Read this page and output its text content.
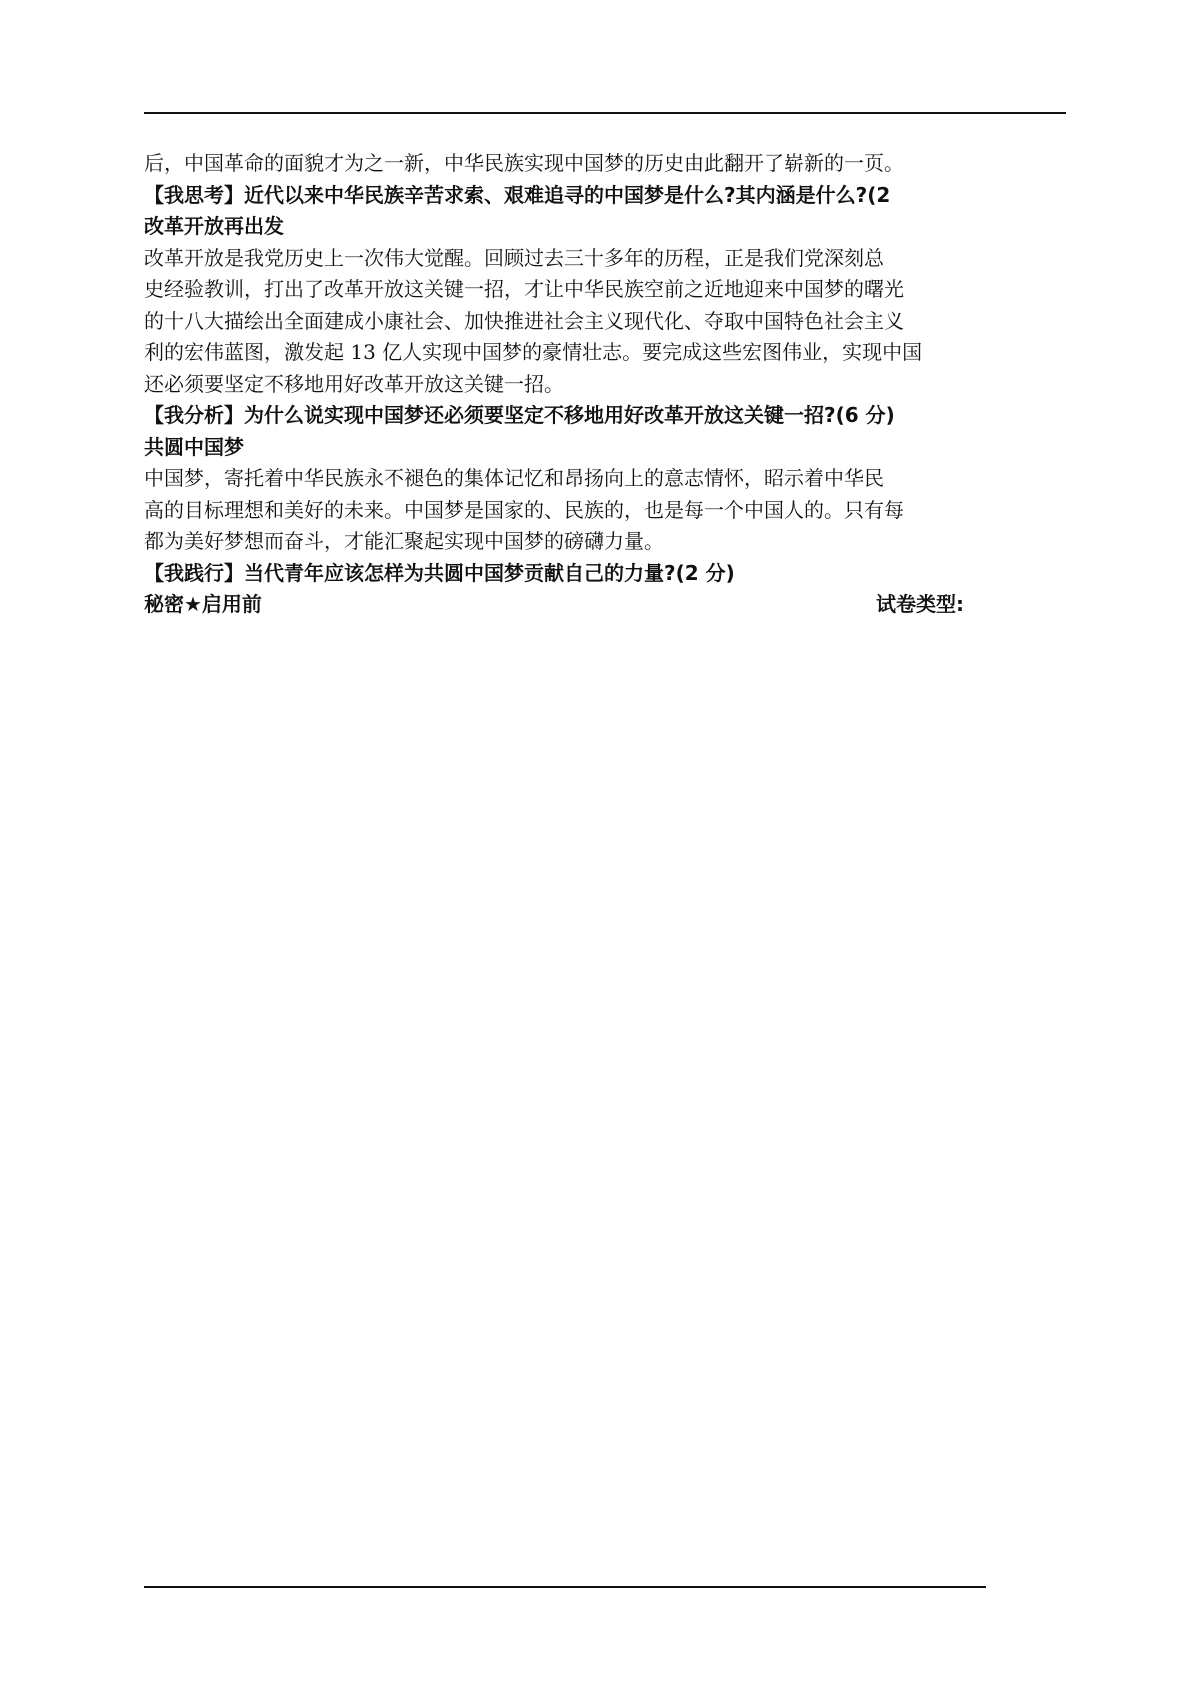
后，中国革命的面貌才为之一新，中华民族实现中国梦的历史由此翻开了崭新的一页。
【我思考】近代以来中华民族辛苦求索、艰难追寻的中国梦是什么?其内涵是什么?(2
改革开放再出发
改革开放是我党历史上一次伟大觉醒。回顾过去三十多年的历程，正是我们党深刻总
史经验教训，打出了改革开放这关键一招，才让中华民族空前之近地迎来中国梦的曙光
的十八大描绘出全面建成小康社会、加快推进社会主义现代化、夺取中国特色社会主义
利的宏伟蓝图，激发起 13 亿人实现中国梦的豪情壮志。要完成这些宏图伟业，实现中国
还必须要坚定不移地用好改革开放这关键一招。
【我分析】为什么说实现中国梦还必须要坚定不移地用好改革开放这关键一招?(6 分)
共圆中国梦
中国梦，寄托着中华民族永不褪色的集体记忆和昂扬向上的意志情怀，昭示着中华民
高的目标理想和美好的未来。中国梦是国家的、民族的，也是每一个中国人的。只有每
都为美好梦想而奋斗，才能汇聚起实现中国梦的磅礴力量。
【我践行】当代青年应该怎样为共圆中国梦贡献自己的力量?(2 分)
秘密★启用前	试卷类型:
